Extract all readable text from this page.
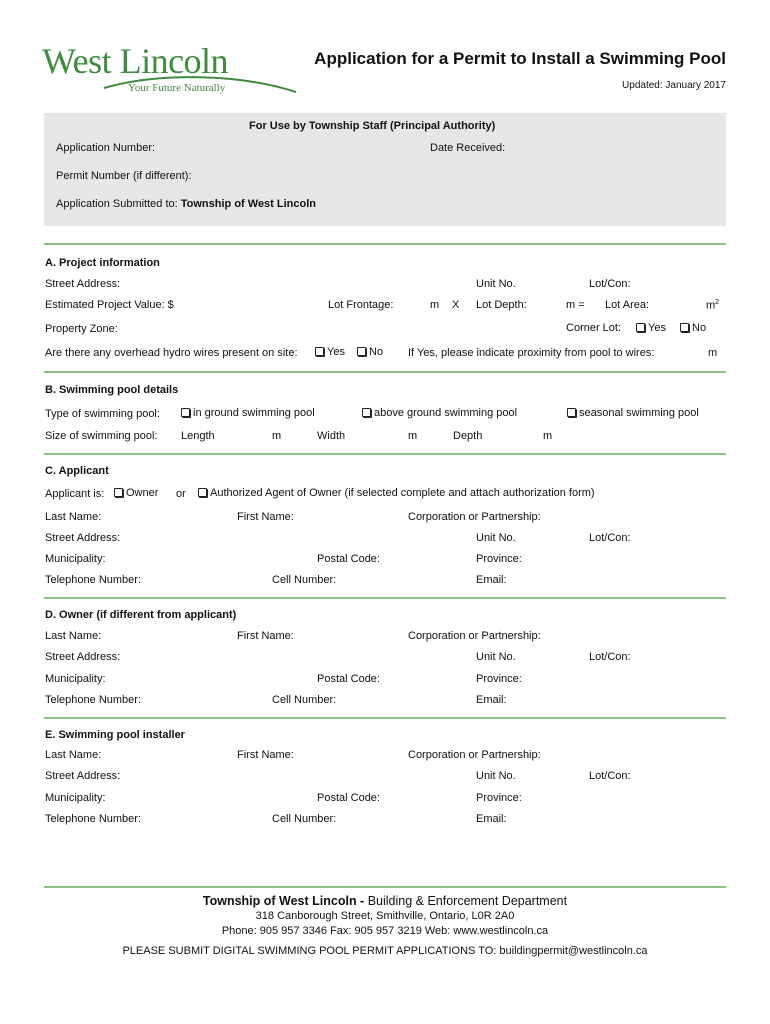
West Lincoln
Your Future Naturally
Application for a Permit to Install a Swimming Pool
Updated: January 2017
For Use by Township Staff (Principal Authority)
Application Number:	Date Received:
Permit Number (if different):
Application Submitted to: Township of West Lincoln
A. Project information
Street Address:	Unit No.	Lot/Con:
Estimated Project Value: $	Lot Frontage:	m X Lot Depth:	m = Lot Area:	$m^2$
Property Zone:	Corner Lot:	Yes	No
Are there any overhead hydro wires present on site:	Yes	No If Yes, please indicate proximity from pool to wires:	m
B. Swimming pool details
Type of swimming pool:	in ground swimming pool	above ground swimming pool	seasonal swimming pool
Size of swimming pool: Length	m	Width	m	Depth	m
C. Applicant
Applicant is:	Owner or	Authorized Agent of Owner (if selected complete and attach authorization form)
Last Name:	First Name:	Corporation or Partnership:
Street Address:	Unit No.	Lot/Con:
Municipality:	Postal Code:	Province:
Telephone Number:	Cell Number:	Email:
D. Owner (if different from applicant)
Last Name:	First Name:	Corporation or Partnership:
Street Address:	Unit No.	Lot/Con:
Municipality:	Postal Code:	Province:
Telephone Number:	Cell Number:	Email:
E. Swimming pool installer
Last Name:	First Name:	Corporation or Partnership:
Street Address:	Unit No.	Lot/Con:
Municipality:	Postal Code:	Province:
Telephone Number:	Cell Number:	Email:
Township of West Lincoln - Building & Enforcement Department
318 Canborough Street, Smithville, Ontario, L0R 2A0
Phone: 905 957 3346 Fax: 905 957 3219 Web: www.westlincoln.ca
PLEASE SUBMIT DIGITAL SWIMMING POOL PERMIT APPLICATIONS TO: buildingpermit@westlincoln.ca
